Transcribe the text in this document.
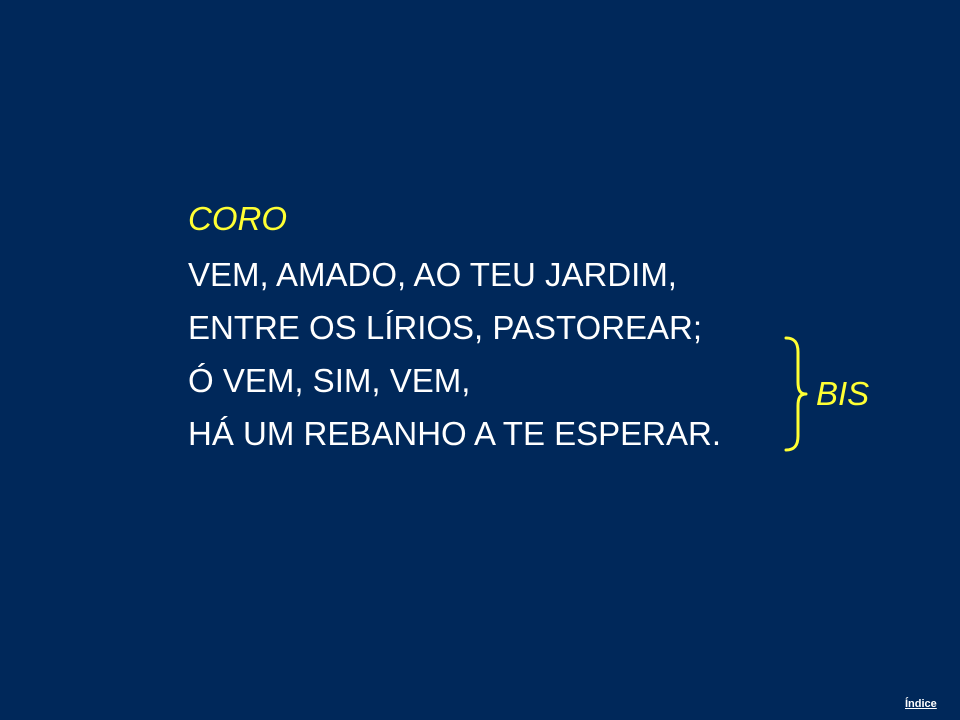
CORO
VEM, AMADO, AO TEU JARDIM,
ENTRE OS LÍRIOS, PASTOREAR;
Ó VEM, SIM, VEM,
HÁ UM REBANHO A TE ESPERAR.
BIS
Índice
